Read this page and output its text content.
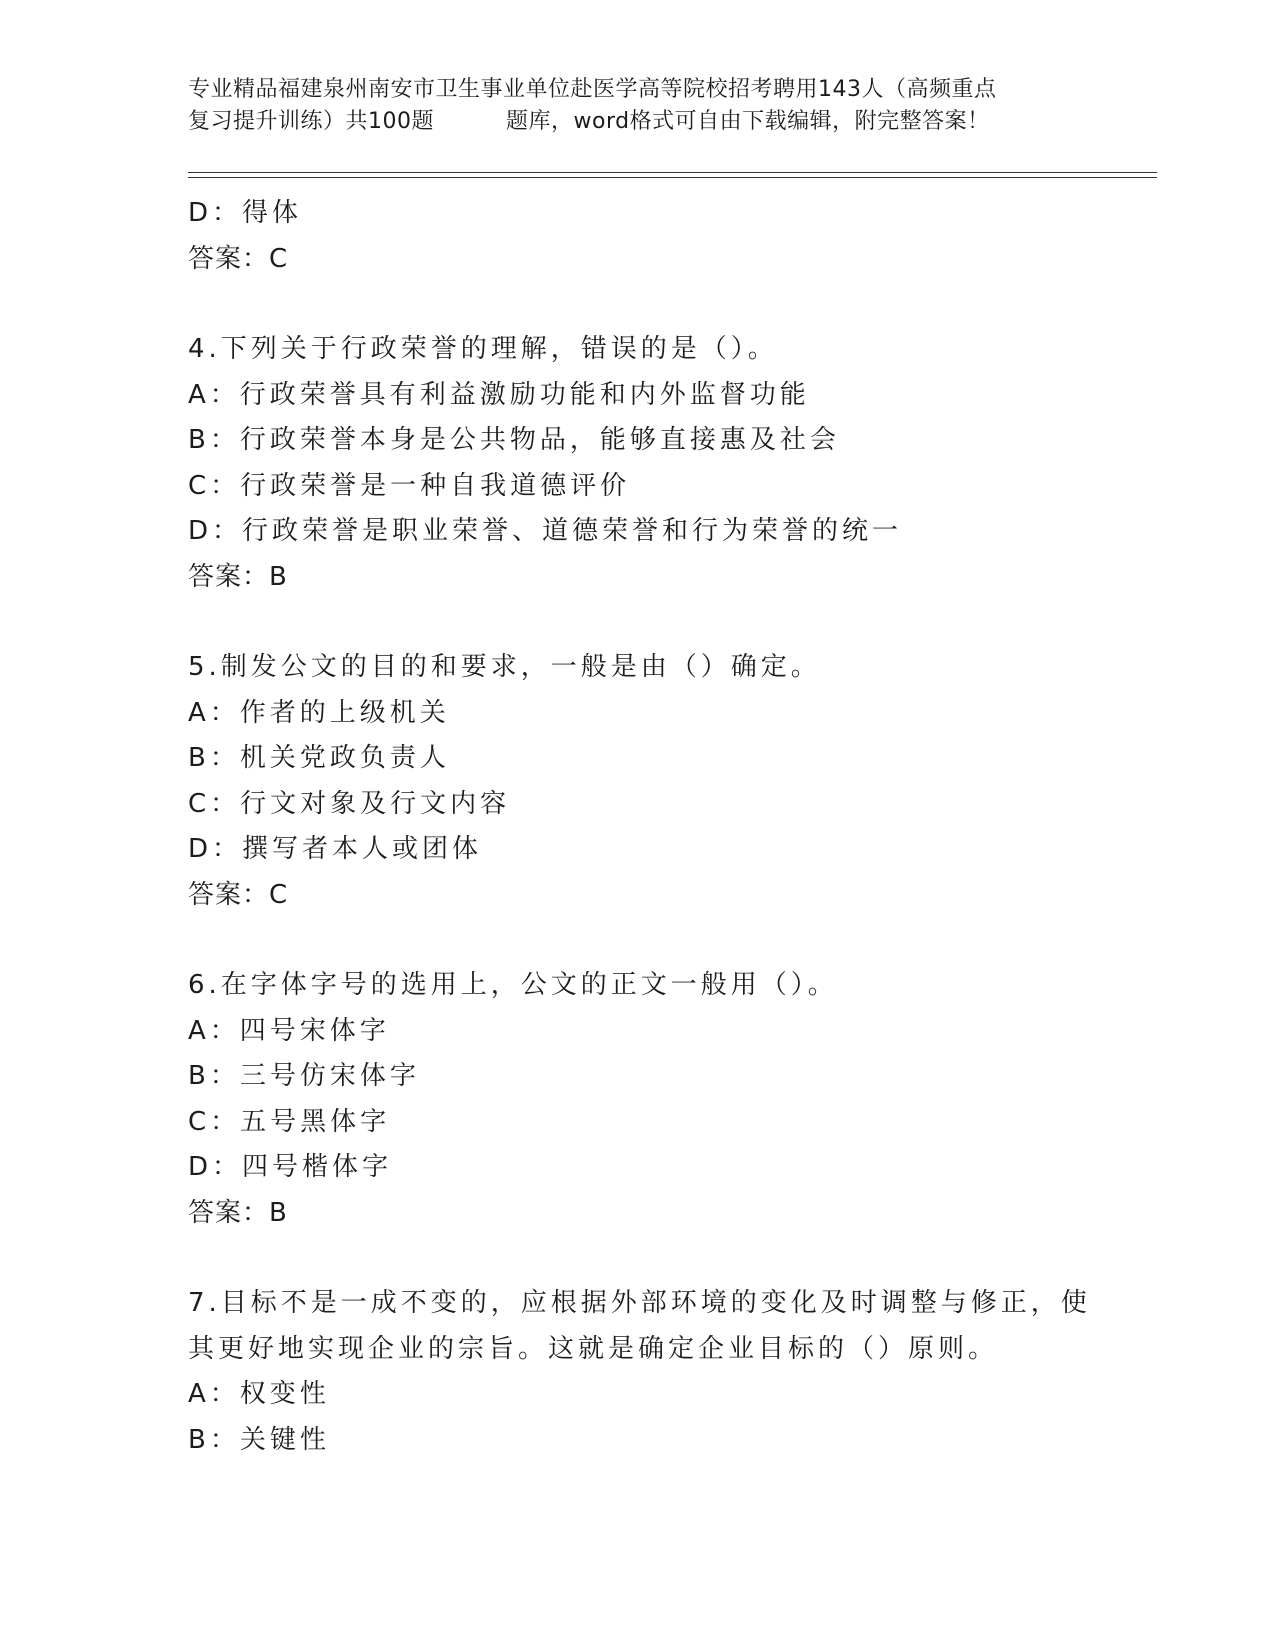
专业精品福建泉州南安市卫生事业单位赴医学高等院校招考聘用143人（高频重点
复习提升训练）共100题	题库，word格式可自由下载编辑，附完整答案！
D：得体
答案：C
4.下列关于行政荣誉的理解，错误的是（）。
A：行政荣誉具有利益激励功能和内外监督功能
B：行政荣誉本身是公共物品，能够直接惠及社会
C：行政荣誉是一种自我道德评价
D：行政荣誉是职业荣誉、道德荣誉和行为荣誉的统一
答案：B
5.制发公文的目的和要求，一般是由（）确定。
A：作者的上级机关
B：机关党政负责人
C：行文对象及行文内容
D：撰写者本人或团体
答案：C
6.在字体字号的选用上，公文的正文一般用（）。
A：四号宋体字
B：三号仿宋体字
C：五号黑体字
D：四号楷体字
答案：B
7.目标不是一成不变的，应根据外部环境的变化及时调整与修正，使
其更好地实现企业的宗旨。这就是确定企业目标的（）原则。
A：权变性
B：关键性
